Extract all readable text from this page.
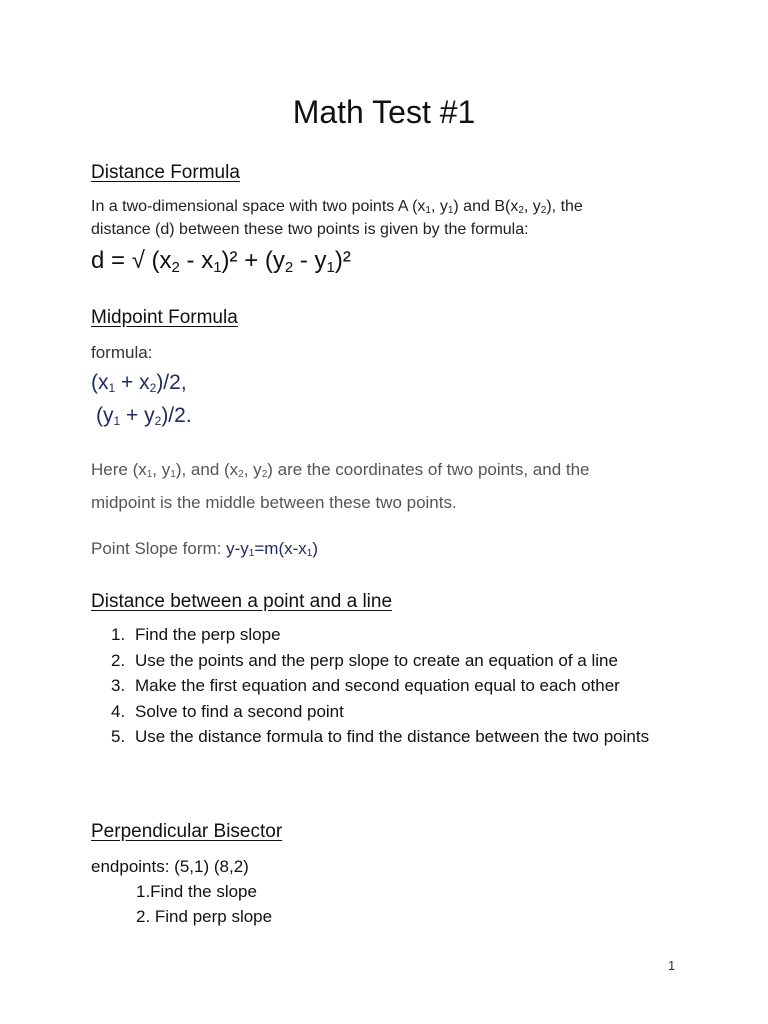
Math Test #1
Distance Formula
In a two-dimensional space with two points A (x1, y1) and B(x2, y2), the
distance (d) between these two points is given by the formula:
d = √ (x2 - x1)² + (y2 - y1)²
Midpoint Formula
formula:
(x1 + x2)/2,
(y1 + y2)/2.
Here (x1, y1), and (x2, y2) are the coordinates of two points, and the
midpoint is the middle between these two points.
Point Slope form: y-y1=m(x-x1)
Distance between a point and a line
1. Find the perp slope
2. Use the points and the perp slope to create an equation of a line
3. Make the first equation and second equation equal to each other
4. Solve to find a second point
5. Use the distance formula to find the distance between the two points
Perpendicular Bisector
endpoints: (5,1) (8,2)
1.Find the slope
2. Find perp slope
1
